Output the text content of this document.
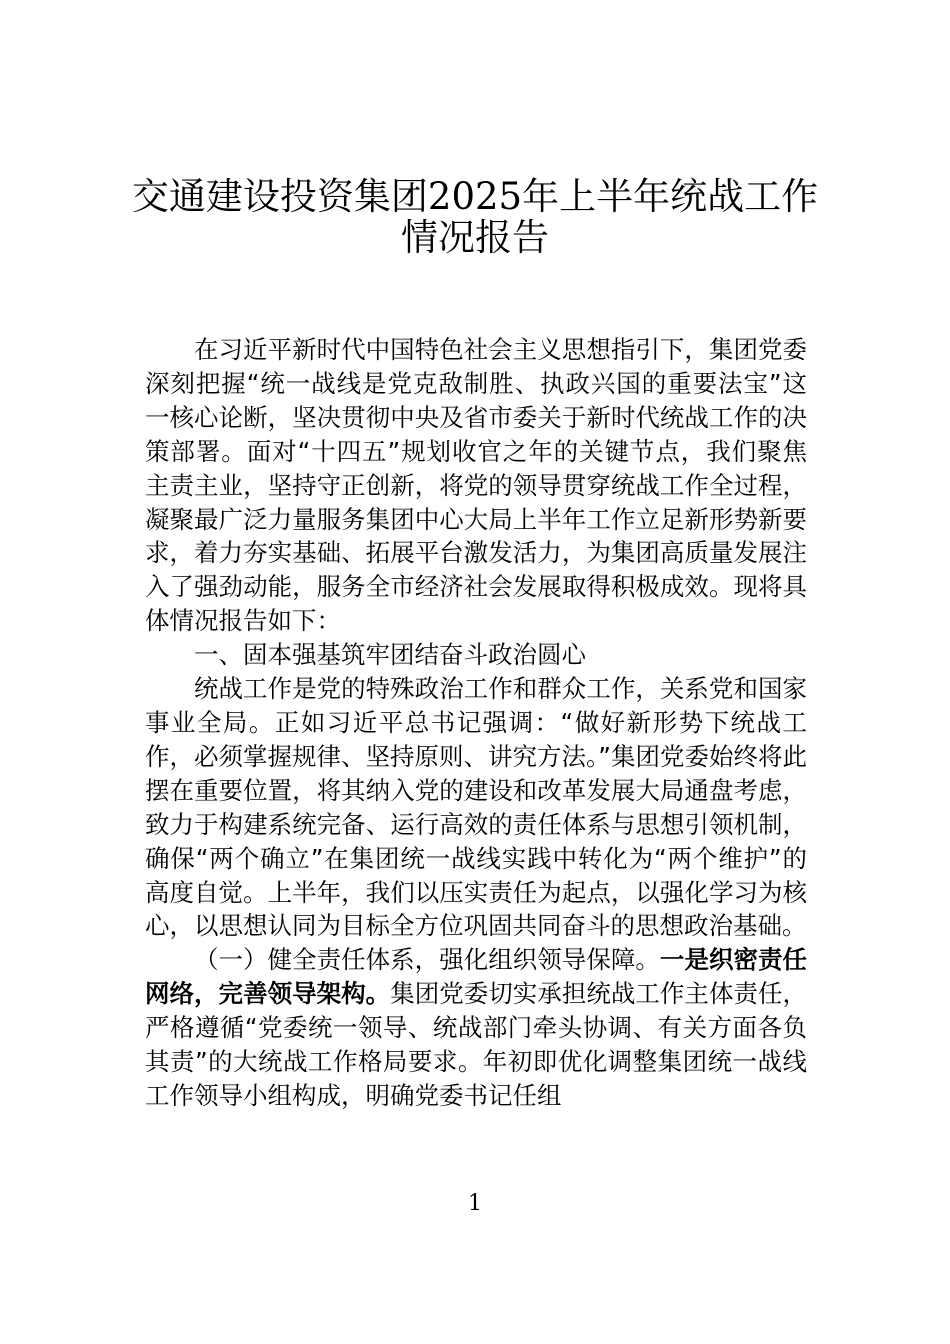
交通建设投资集团2025年上半年统战工作
情况报告

在习近平新时代中国特色社会主义思想指引下，集团党委深刻把握“统一战线是党克敌制胜、执政兴国的重要法宝”这一核心论断，坚决贯彻中央及省市委关于新时代统战工作的决策部署。面对“十四五”规划收官之年的关键节点，我们聚焦主责主业，坚持守正创新，将党的领导贯穿统战工作全过程，凝聚最广泛力量服务集团中心大局上半年工作立足新形势新要求，着力夯实基础、拓展平台激发活力，为集团高质量发展注入了强劲动能，服务全市经济社会发展取得积极成效。现将具体情况报告如下：

一、固本强基筑牢团结奋斗政治圆心

统战工作是党的特殊政治工作和群众工作，关系党和国家事业全局。正如习近平总书记强调：“做好新形势下统战工作，必须掌握规律、坚持原则、讲究方法。”集团党委始终将此摆在重要位置，将其纳入党的建设和改革发展大局通盘考虑，致力于构建系统完备、运行高效的责任体系与思想引领机制，确保“两个确立”在集团统一战线实践中转化为“两个维护”的高度自觉。上半年，我们以压实责任为起点，以强化学习为核心，以思想认同为目标全方位巩固共同奋斗的思想政治基础。

（一）健全责任体系，强化组织领导保障。一是织密责任网络，完善领导架构。集团党委切实承担统战工作主体责任，严格遵循“党委统一领导、统战部门牵头协调、有关方面各负其责”的大统战工作格局要求。年初即优化调整集团统一战线工作领导小组构成，明确党委书记任组

1
